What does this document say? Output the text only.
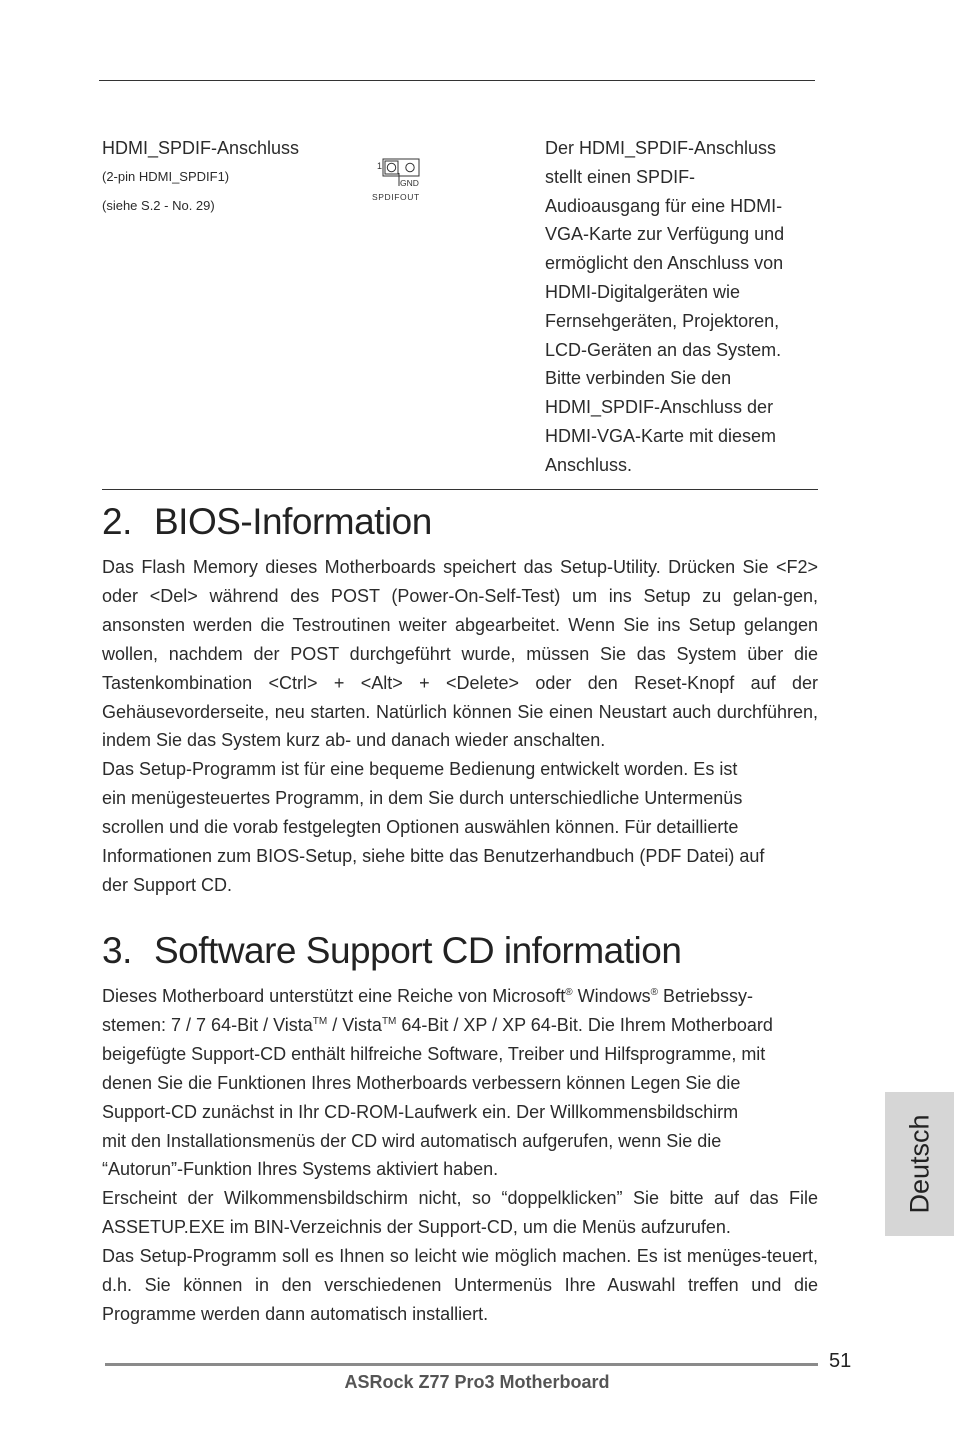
HDMI_SPDIF-Anschluss
(2-pin HDMI_SPDIF1)
(siehe S.2 - No. 29)
1
GND
SPDIFOUT
Der HDMI_SPDIF-Anschluss
stellt einen SPDIF-
Audioausgang für eine HDMI-
VGA-Karte zur Verfügung und
ermöglicht den Anschluss von
HDMI-Digitalgeräten wie
Fernsehgeräten, Projektoren,
LCD-Geräten an das System.
Bitte verbinden Sie den
HDMI_SPDIF-Anschluss der
HDMI-VGA-Karte mit diesem
Anschluss.
2. BIOS-Information

Das Flash Memory dieses Motherboards speichert das Setup-Utility. Drücken Sie <F2> oder <Del> während des POST (Power-On-Self-Test) um ins Setup zu gelan-gen, ansonsten werden die Testroutinen weiter abgearbeitet. Wenn Sie ins Setup gelangen wollen, nachdem der POST durchgeführt wurde, müssen Sie das System über die Tastenkombination <Ctrl> + <Alt> + <Delete> oder den Reset-Knopf auf der Gehäusevorderseite, neu starten. Natürlich können Sie einen Neustart auch durchführen, indem Sie das System kurz ab- und danach wieder anschalten.

Das Setup-Programm ist für eine bequeme Bedienung entwickelt worden. Es ist
ein menügesteuertes Programm, in dem Sie durch unterschiedliche Untermenüs
scrollen und die vorab festgelegten Optionen auswählen können. Für detaillierte
Informationen zum BIOS-Setup, siehe bitte das Benutzerhandbuch (PDF Datei) auf
der Support CD.
3. Software Support CD information
Dieses Motherboard unterstützt eine Reiche von Microsoft® Windows® Betriebssy-
stemen: 7 / 7 64-Bit / Vista™ / Vista™ 64-Bit / XP / XP 64-Bit. Die Ihrem Motherboard
beigefügte Support-CD enthält hilfreiche Software, Treiber und Hilfsprogramme, mit
denen Sie die Funktionen Ihres Motherboards verbessern können Legen Sie die
Support-CD zunächst in Ihr CD-ROM-Laufwerk ein. Der Willkommensbildschirm
mit den Installationsmenüs der CD wird automatisch aufgerufen, wenn Sie die
“Autorun”-Funktion Ihres Systems aktiviert haben.

Erscheint der Wilkommensbildschirm nicht, so “doppelklicken” Sie bitte auf das File ASSETUP.EXE im BIN-Verzeichnis der Support-CD, um die Menüs aufzurufen.

Das Setup-Programm soll es Ihnen so leicht wie möglich machen. Es ist menüges-teuert, d.h. Sie können in den verschiedenen Untermenüs Ihre Auswahl treffen und die Programme werden dann automatisch installiert.

Deutsch
51
ASRock Z77 Pro3 Motherboard
